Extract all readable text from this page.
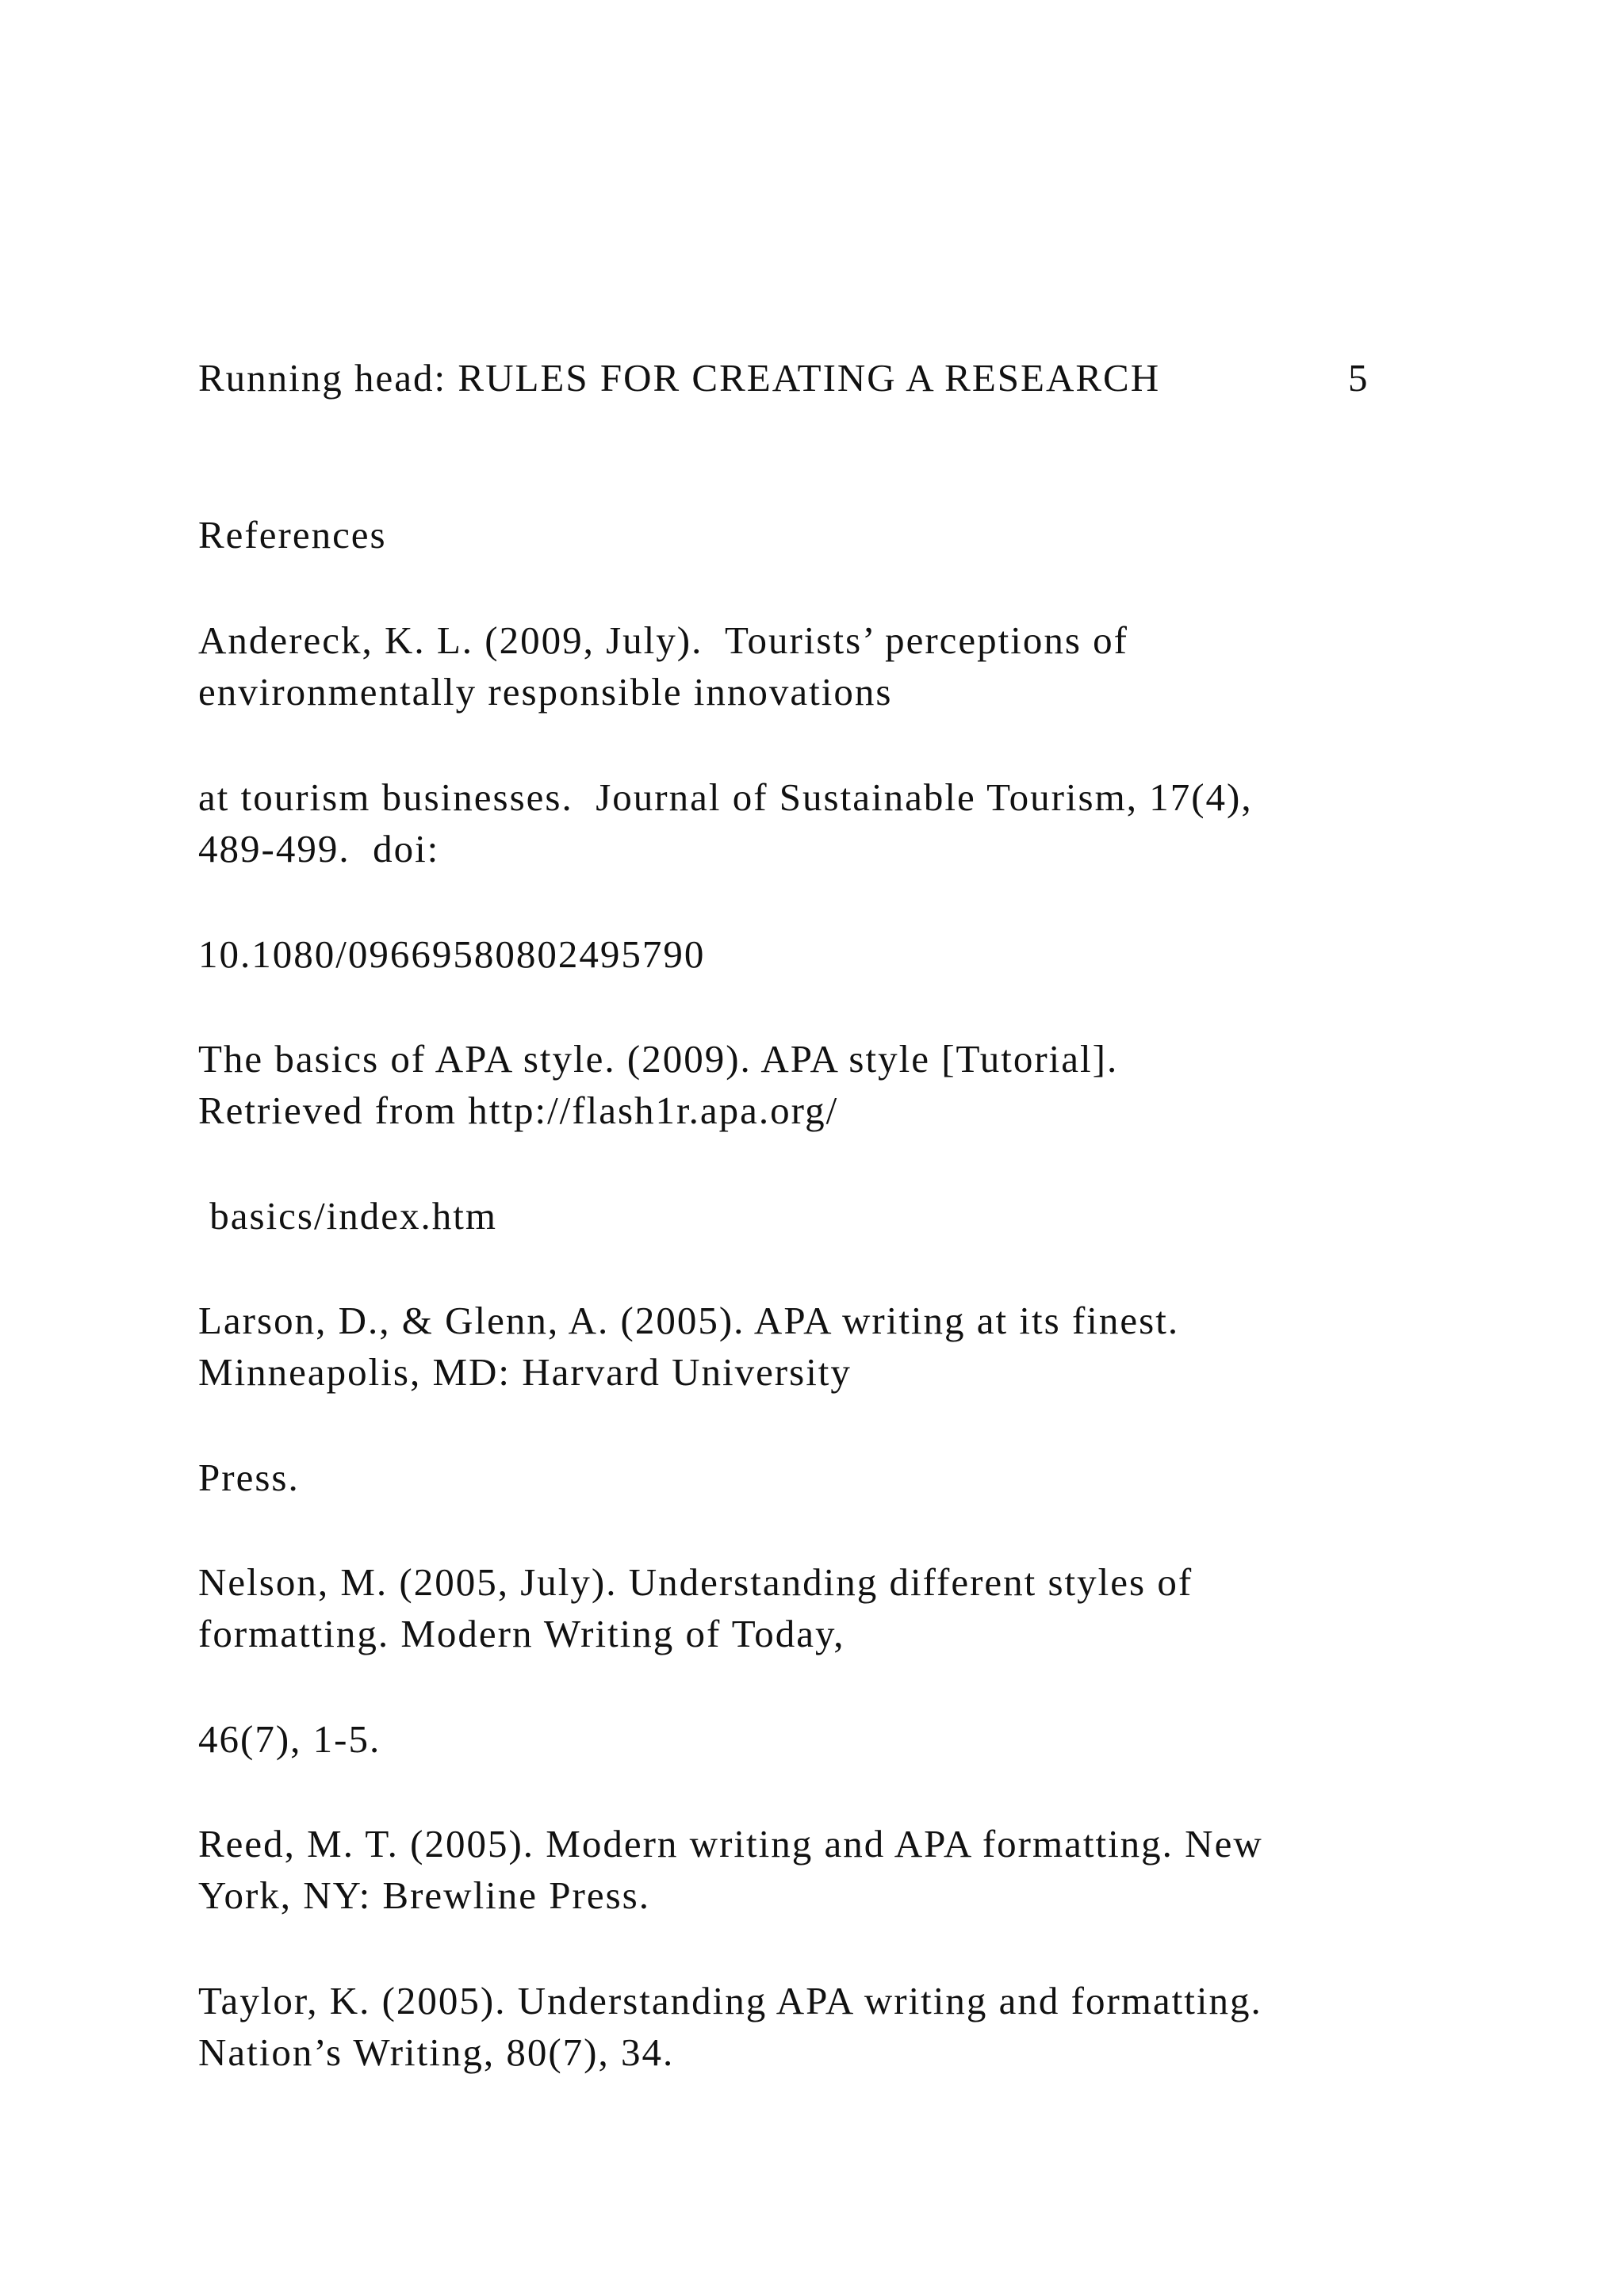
Running head: RULES FOR CREATING A RESEARCH	5
References
Andereck, K. L. (2009, July).  Tourists’ perceptions of
environmentally responsible innovations
at tourism businesses.  Journal of Sustainable Tourism, 17(4),
489-499.  doi:
10.1080/09669580802495790
The basics of APA style. (2009). APA style [Tutorial].
Retrieved from http://flash1r.apa.org/
basics/index.htm
Larson, D., & Glenn, A. (2005). APA writing at its finest.
Minneapolis, MD: Harvard University
Press.
Nelson, M. (2005, July). Understanding different styles of
formatting. Modern Writing of Today,
46(7), 1-5.
Reed, M. T. (2005). Modern writing and APA formatting. New
York, NY: Brewline Press.
Taylor, K. (2005). Understanding APA writing and formatting.
Nation’s Writing, 80(7), 34.
